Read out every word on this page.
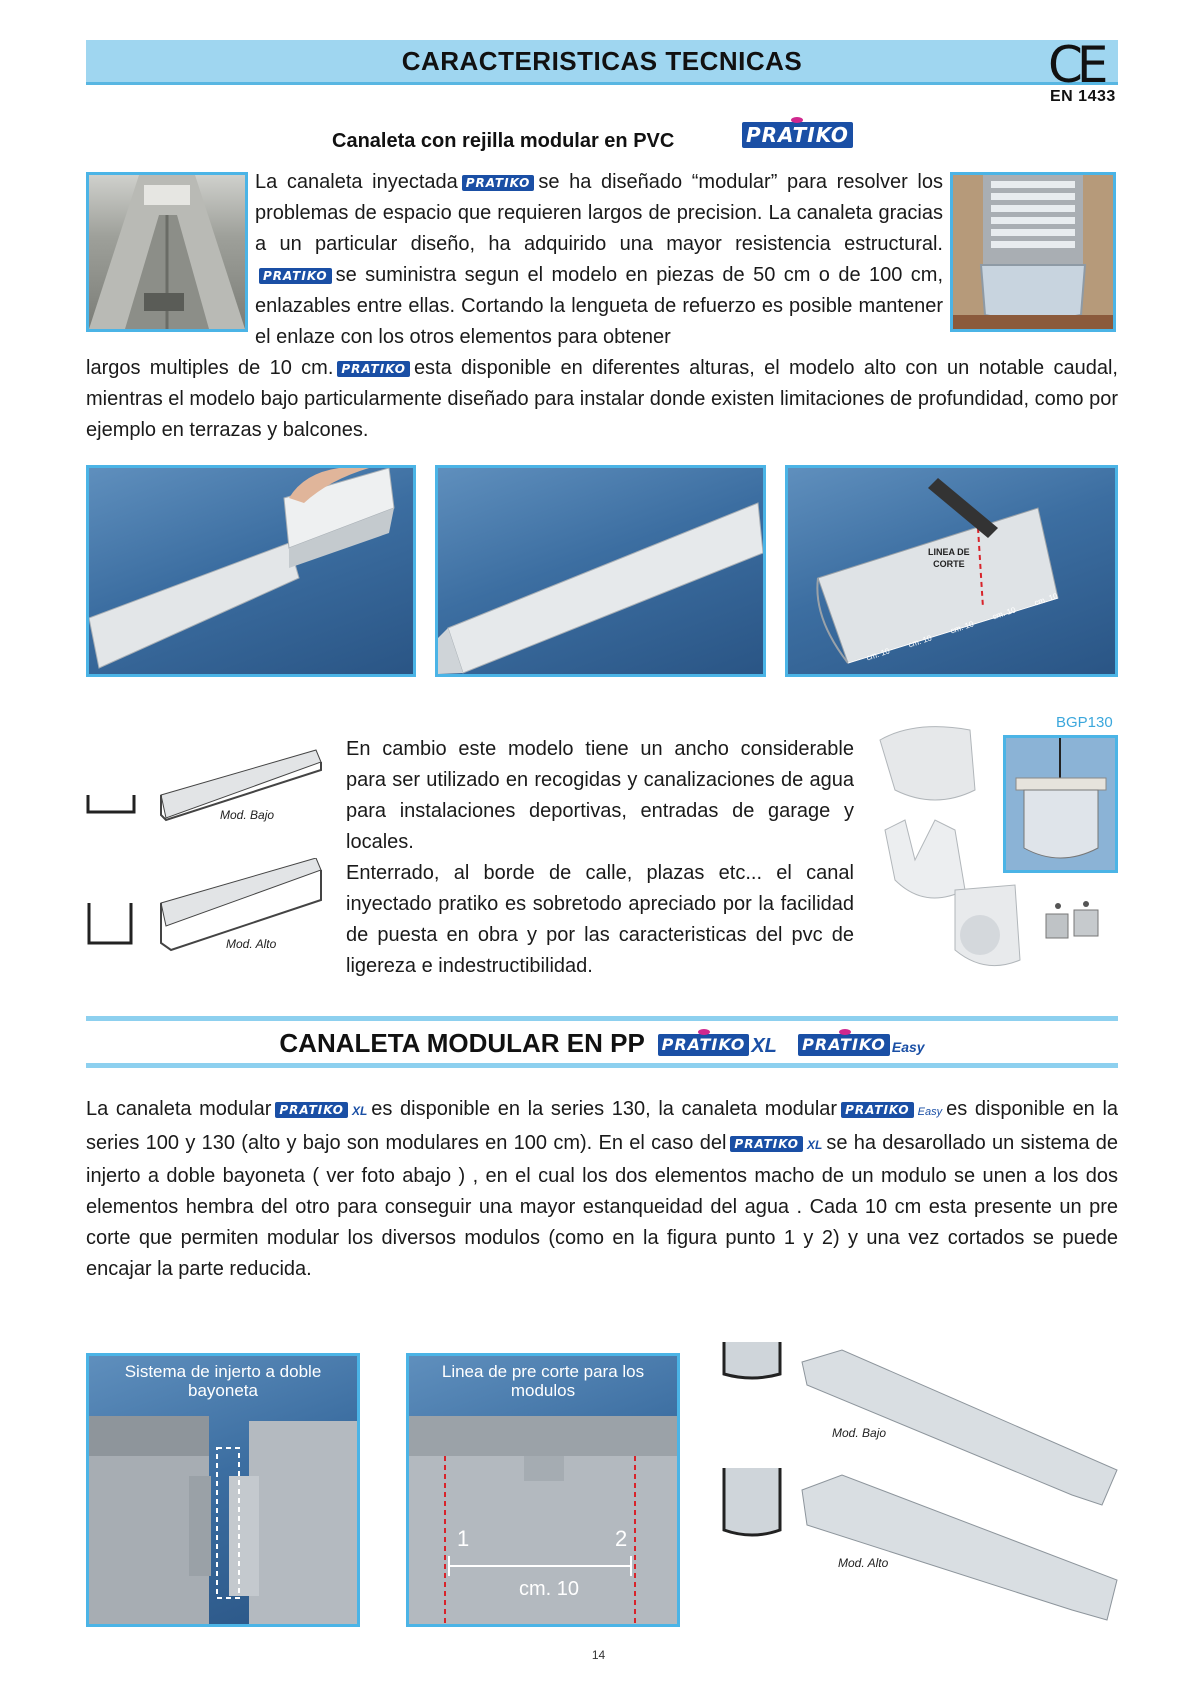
CARACTERISTICAS TECNICAS	CE
EN 1433
Canaleta con rejilla modular en PVC	PRATIKO
La canaleta inyectada PRATIKO se ha diseñado “modular” para resolver los problemas de espacio que requieren largos de precision. La canaleta gracias a un particular diseño, ha adquirido una mayor resistencia estructural.PRATIKO se suministra segun el modelo en piezas de 50 cm o de 100 cm, enlazables entre ellas. Cortando la lengueta de refuerzo es posible mantener el enlaze con los otros elementos para obtener
largos multiples de 10 cm. PRATIKO esta disponible en diferentes alturas, el modelo alto con un notable caudal, mientras el modelo bajo particularmente diseñado para instalar donde existen limitaciones de profundidad, como por ejemplo en terrazas y balcones.
LINEA DE
CORTE
cm. 10
cm. 10
cm. 10
cm. 10
cm. 10
Mod. Bajo
Mod. Alto
En cambio este modelo tiene un ancho considerable para ser utilizado en recogidas y canalizaciones de agua para instalaciones deportivas, entradas de garage y locales.
Enterrado, al borde de calle, plazas etc... el canal inyectado pratiko es sobretodo apreciado por la facilidad de puesta en obra y por las caracteristicas del pvc de ligereza e indestructibilidad.
BGP130
CANALETA MODULAR EN PP PRATIKO XL PRATIKO Easy
La canaleta modular PRATIKO XL es disponible en la series 130, la canaleta modular PRATIKO Easy es disponible en la series 100 y 130 (alto y bajo son modulares en 100 cm). En el caso del PRATIKO XL se ha desarollado un sistema de injerto a doble bayoneta ( ver foto abajo ) , en el cual los dos elementos macho de un modulo se unen a los dos elementos hembra del otro para conseguir una mayor estanqueidad del agua . Cada 10 cm esta presente un pre corte que permiten modular los diversos modulos (como en la figura punto 1 y 2) y una vez cortados se puede encajar la parte reducida.
Sistema de injerto a doble bayoneta
Linea de pre corte para los modulos
1	2
cm. 10
Mod. Bajo
Mod. Alto
14
